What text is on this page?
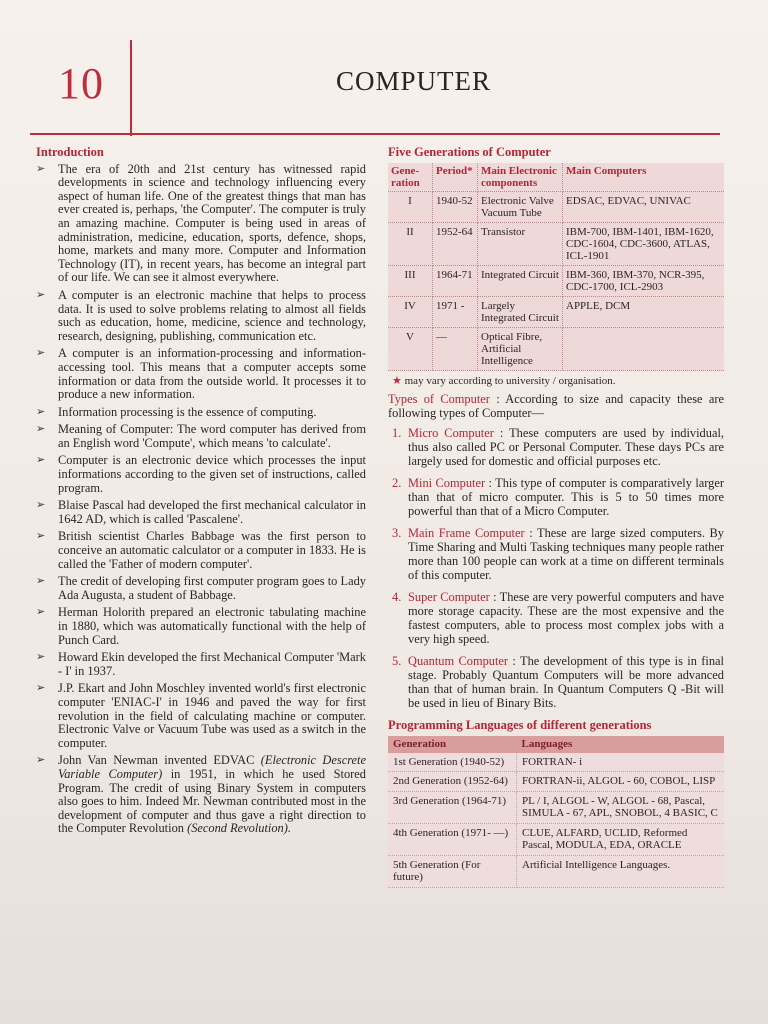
10	COMPUTER
Introduction
➢ The era of 20th and 21st century has witnessed rapid developments in science and technology influencing every aspect of human life. One of the greatest things that man has ever created is, perhaps, 'the Computer'. The computer is truly an amazing machine. Computer is being used in areas of administration, medicine, education, sports, defence, shops, home, markets and many more. Computer and Information Technology (IT), in recent years, has become an integral part of our life. We can see it almost everywhere.
➢ A computer is an electronic machine that helps to process data. It is used to solve problems relating to almost all fields such as education, home, medicine, science and technology, research, designing, publishing, communication etc.
➢ A computer is an information-processing and information-accessing tool. This means that a computer accepts some information or data from the outside world. It processes it to produce a new information.
➢ Information processing is the essence of computing.
➢ Meaning of Computer: The word computer has derived from an English word 'Compute', which means 'to calculate'.
➢ Computer is an electronic device which processes the input informations according to the given set of instructions, called program.
➢ Blaise Pascal had developed the first mechanical calculator in 1642 AD, which is called 'Pascalene'.
➢ British scientist Charles Babbage was the first person to conceive an automatic calculator or a computer in 1833. He is called the 'Father of modern computer'.
➢ The credit of developing first computer program goes to Lady Ada Augusta, a student of Babbage.
➢ Herman Holorith prepared an electronic tabulating machine in 1880, which was automatically functional with the help of Punch Card.
➢ Howard Ekin developed the first Mechanical Computer 'Mark - I' in 1937.
➢ J.P. Ekart and John Moschley invented world's first electronic computer 'ENIAC-I' in 1946 and paved the way for first revolution in the field of calculating machine or computer. Electronic Valve or Vacuum Tube was used as a switch in the computer.
➢ John Van Newman invented EDVAC (Electronic Descrete Variable Computer) in 1951, in which he used Stored Program. The credit of using Binary System in computers also goes to him. Indeed Mr. Newman contributed most in the development of computer and thus gave a right direction to the Computer Revolution (Second Revolution).
Five Generations of Computer
Gene-ration	Period*	Main Electronic components	Main Computers
I	1940-52	Electronic Valve Vacuum Tube	EDSAC, EDVAC, UNIVAC
II	1952-64	Transistor	IBM-700, IBM-1401, IBM-1620, CDC-1604, CDC-3600, ATLAS, ICL-1901
III	1964-71	Integrated Circuit	IBM-360, IBM-370, NCR-395, CDC-1700, ICL-2903
IV	1971 -	Largely Integrated Circuit	APPLE, DCM
V	—	Optical Fibre, Artificial Intelligence	
★ may vary according to university / organisation.
Types of Computer : According to size and capacity these are following types of Computer—
1. Micro Computer : These computers are used by individual, thus also called PC or Personal Computer. These days PCs are largely used for domestic and official purposes etc.
2. Mini Computer : This type of computer is comparatively larger than that of micro computer. This is 5 to 50 times more powerful than that of a Micro Computer.
3. Main Frame Computer : These are large sized computers. By Time Sharing and Multi Tasking techniques many people rather more than 100 people can work at a time on different terminals of this computer.
4. Super Computer : These are very powerful computers and have more storage capacity. These are the most expensive and the fastest computers, able to process most complex jobs with a very high speed.
5. Quantum Computer : The development of this type is in final stage. Probably Quantum Computers will be more advanced than that of human brain. In Quantum Computers Q -Bit will be used in lieu of Binary Bits.
Programming Languages of different generations
Generation	Languages
1st Generation (1940-52)	FORTRAN- i
2nd Generation (1952-64)	FORTRAN-ii, ALGOL - 60, COBOL, LISP
3rd Generation (1964-71)	PL / I, ALGOL - W, ALGOL - 68, Pascal, SIMULA - 67, APL, SNOBOL, 4 BASIC, C
4th Generation (1971- —)	CLUE, ALFARD, UCLID, Reformed Pascal, MODULA, EDA, ORACLE
5th Generation (For future)	Artificial Intelligence Languages.
